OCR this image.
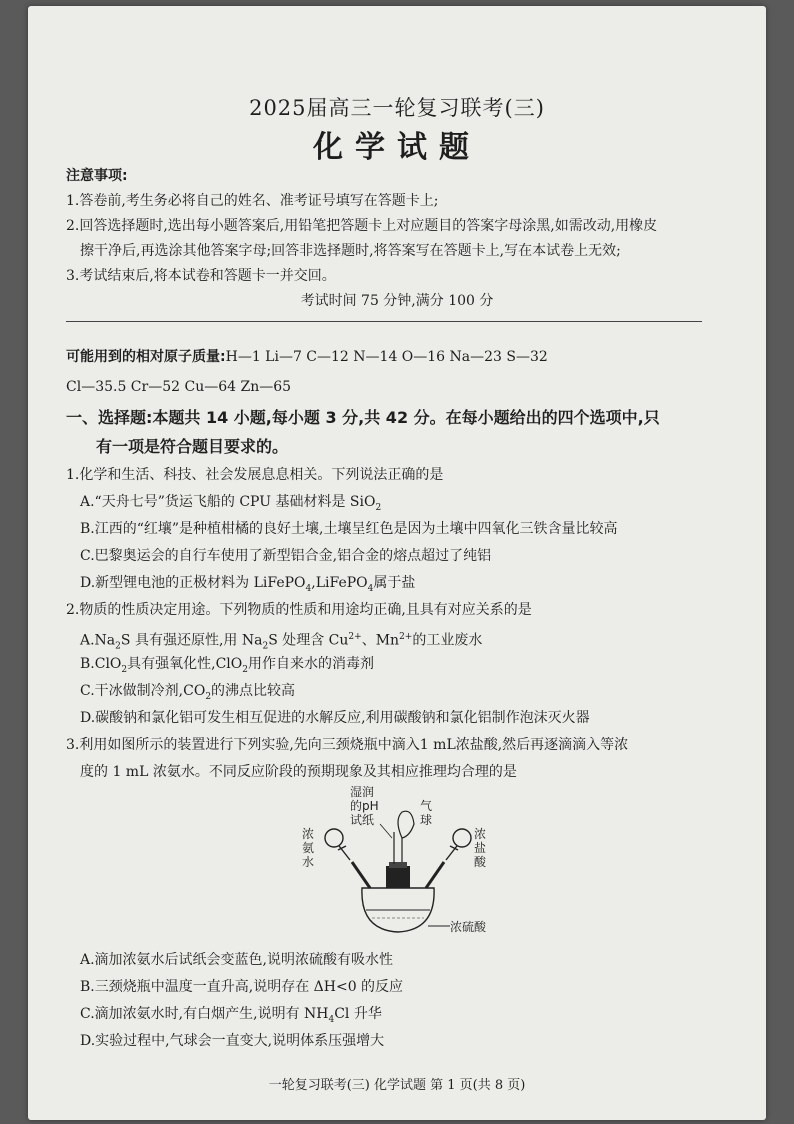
2025届高三一轮复习联考(三)
化学试题
注意事项:
1.答卷前,考生务必将自己的姓名、准考证号填写在答题卡上;
2.回答选择题时,选出每小题答案后,用铅笔把答题卡上对应题目的答案字母涂黑,如需改动,用橡皮
擦干净后,再选涂其他答案字母;回答非选择题时,将答案写在答题卡上,写在本试卷上无效;
3.考试结束后,将本试卷和答题卡一并交回。
考试时间 75 分钟,满分 100 分
可能用到的相对原子质量:H—1 Li—7 C—12 N—14 O—16 Na—23 S—32
Cl—35.5 Cr—52 Cu—64 Zn—65
一、选择题:本题共 14 小题,每小题 3 分,共 42 分。在每小题给出的四个选项中,只
有一项是符合题目要求的。
1.化学和生活、科技、社会发展息息相关。下列说法正确的是
A.“天舟七号”货运飞船的 CPU 基础材料是 SiO$_2$
B.江西的“红壤”是种植柑橘的良好土壤,土壤呈红色是因为土壤中四氧化三铁含量比较高
C.巴黎奥运会的自行车使用了新型铝合金,铝合金的熔点超过了纯铝
D.新型锂电池的正极材料为 LiFePO$_4$,LiFePO$_4$属于盐
2.物质的性质决定用途。下列物质的性质和用途均正确,且具有对应关系的是
$A.Na_2S$ 具有强还原性,用 $Na_2S$ 处理含 $Cu^{2+}$、$Mn^{2+}$的工业废水
B.ClO$_2$具有强氧化性,ClO$_2$用作自来水的消毒剂
C.干冰做制冷剂$,CO_2$的沸点比较高
D.碳酸钠和氯化铝可发生相互促进的水解反应,利用碳酸钠和氯化铝制作泡沫灭火器
3.利用如图所示的装置进行下列实验,先向三颈烧瓶中滴入1 mL浓盐酸,然后再逐滴滴入等浓
度的 1 mL 浓氨水。不同反应阶段的预期现象及其相应推理均合理的是
湿润
的pH
试纸
气
球
浓
氨
水
浓
盐
酸
浓硫酸
A.滴加浓氨水后试纸会变蓝色,说明浓硫酸有吸水性
B.三颈烧瓶中温度一直升高,说明存在 ΔH<0 的反应
C.滴加浓氨水时,有白烟产生,说明有 $NH_4Cl$ 升华
D.实验过程中,气球会一直变大,说明体系压强增大
一轮复习联考(三) 化学试题 第 1 页(共 8 页)
